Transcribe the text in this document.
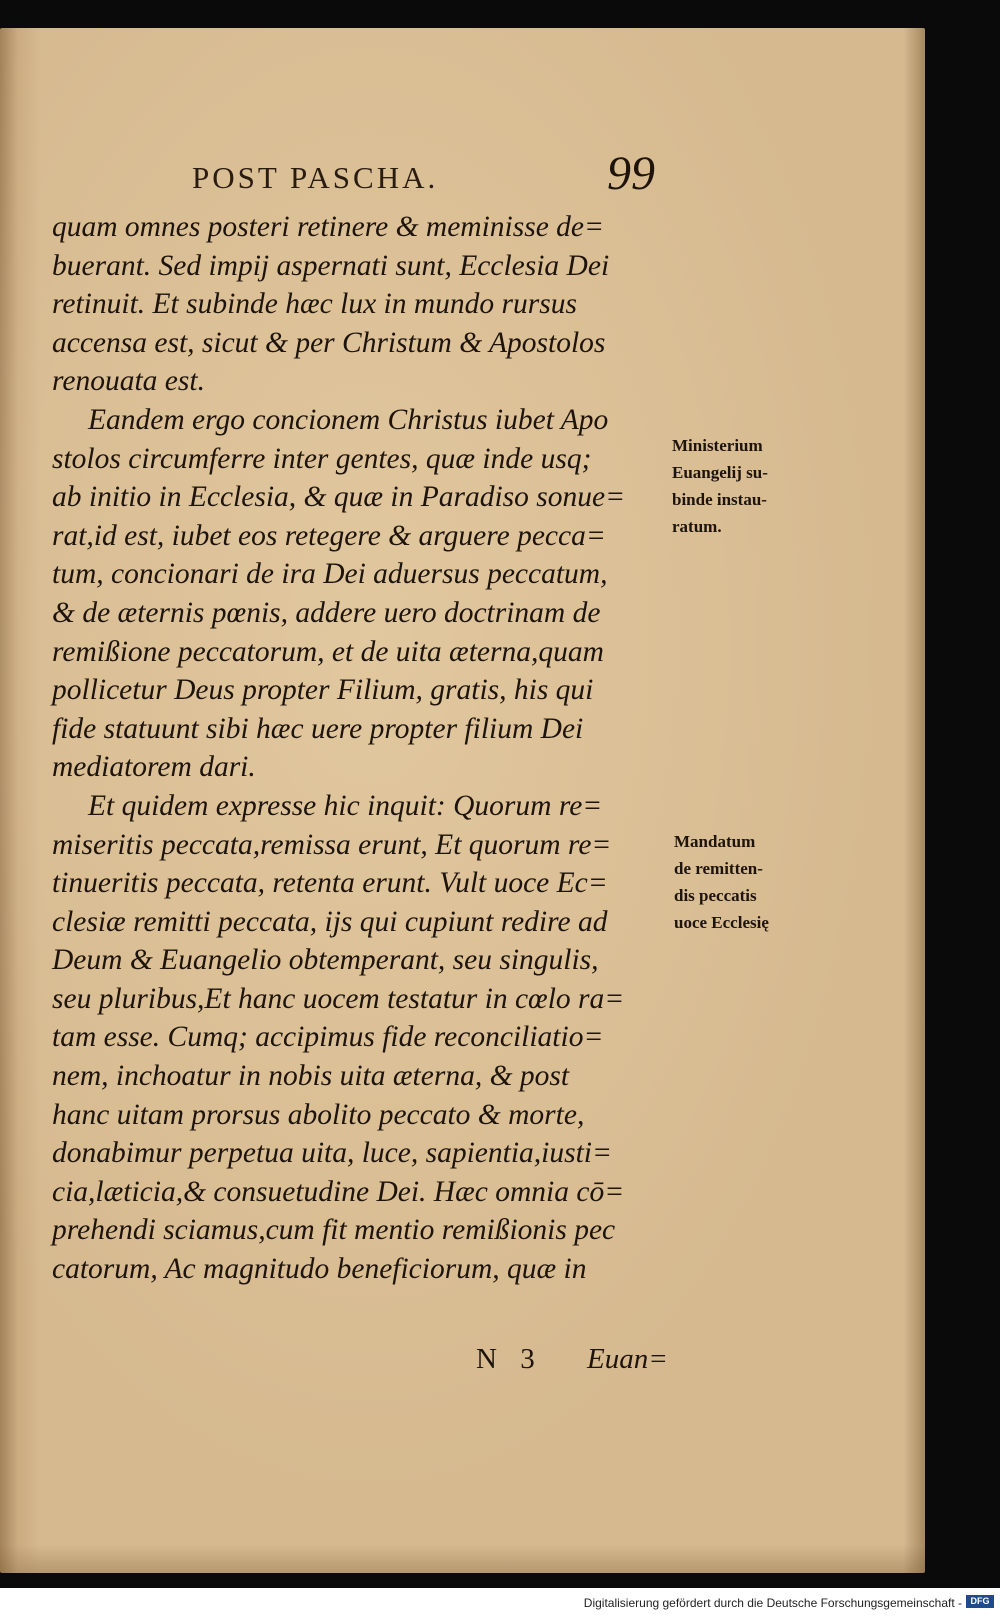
POST PASCHA.	99
quam omnes posteri retinere & meminisse de=
buerant. Sed impij aspernati sunt, Ecclesia Dei
retinuit. Et subinde hæc lux in mundo rursus
accensa est, sicut & per Christum & Apostolos
renouata est.
Eandem ergo concionem Christus iubet Apo
stolos circumferre inter gentes, quæ inde usq;
ab initio in Ecclesia, & quæ in Paradiso sonue=
rat,id est, iubet eos retegere & arguere pecca=
tum, concionari de ira Dei aduersus peccatum,
& de æternis pœnis, addere uero doctrinam de
remißione peccatorum, et de uita æterna,quam
pollicetur Deus propter Filium, gratis, his qui
fide statuunt sibi hæc uere propter filium Dei
mediatorem dari.
Et quidem expresse hic inquit: Quorum re=
miseritis peccata,remissa erunt, Et quorum re=
tinueritis peccata, retenta erunt. Vult uoce Ec=
clesiæ remitti peccata, ijs qui cupiunt redire ad
Deum & Euangelio obtemperant, seu singulis,
seu pluribus,Et hanc uocem testatur in cœlo ra=
tam esse. Cumq; accipimus fide reconciliatio=
nem, inchoatur in nobis uita æterna, & post
hanc uitam prorsus abolito peccato & morte,
donabimur perpetua uita, luce, sapientia,iusti=
cia,læticia,& consuetudine Dei. Hæc omnia cō=
prehendi sciamus,cum fit mentio remißionis pec
catorum, Ac magnitudo beneficiorum, quæ in
Ministerium
Euangelij su-
binde instau-
ratum.
Mandatum
de remitten-
dis peccatis
uoce Ecclesię
N 3 Euan=
Digitalisierung gefördert durch die Deutsche Forschungsgemeinschaft - DFG
